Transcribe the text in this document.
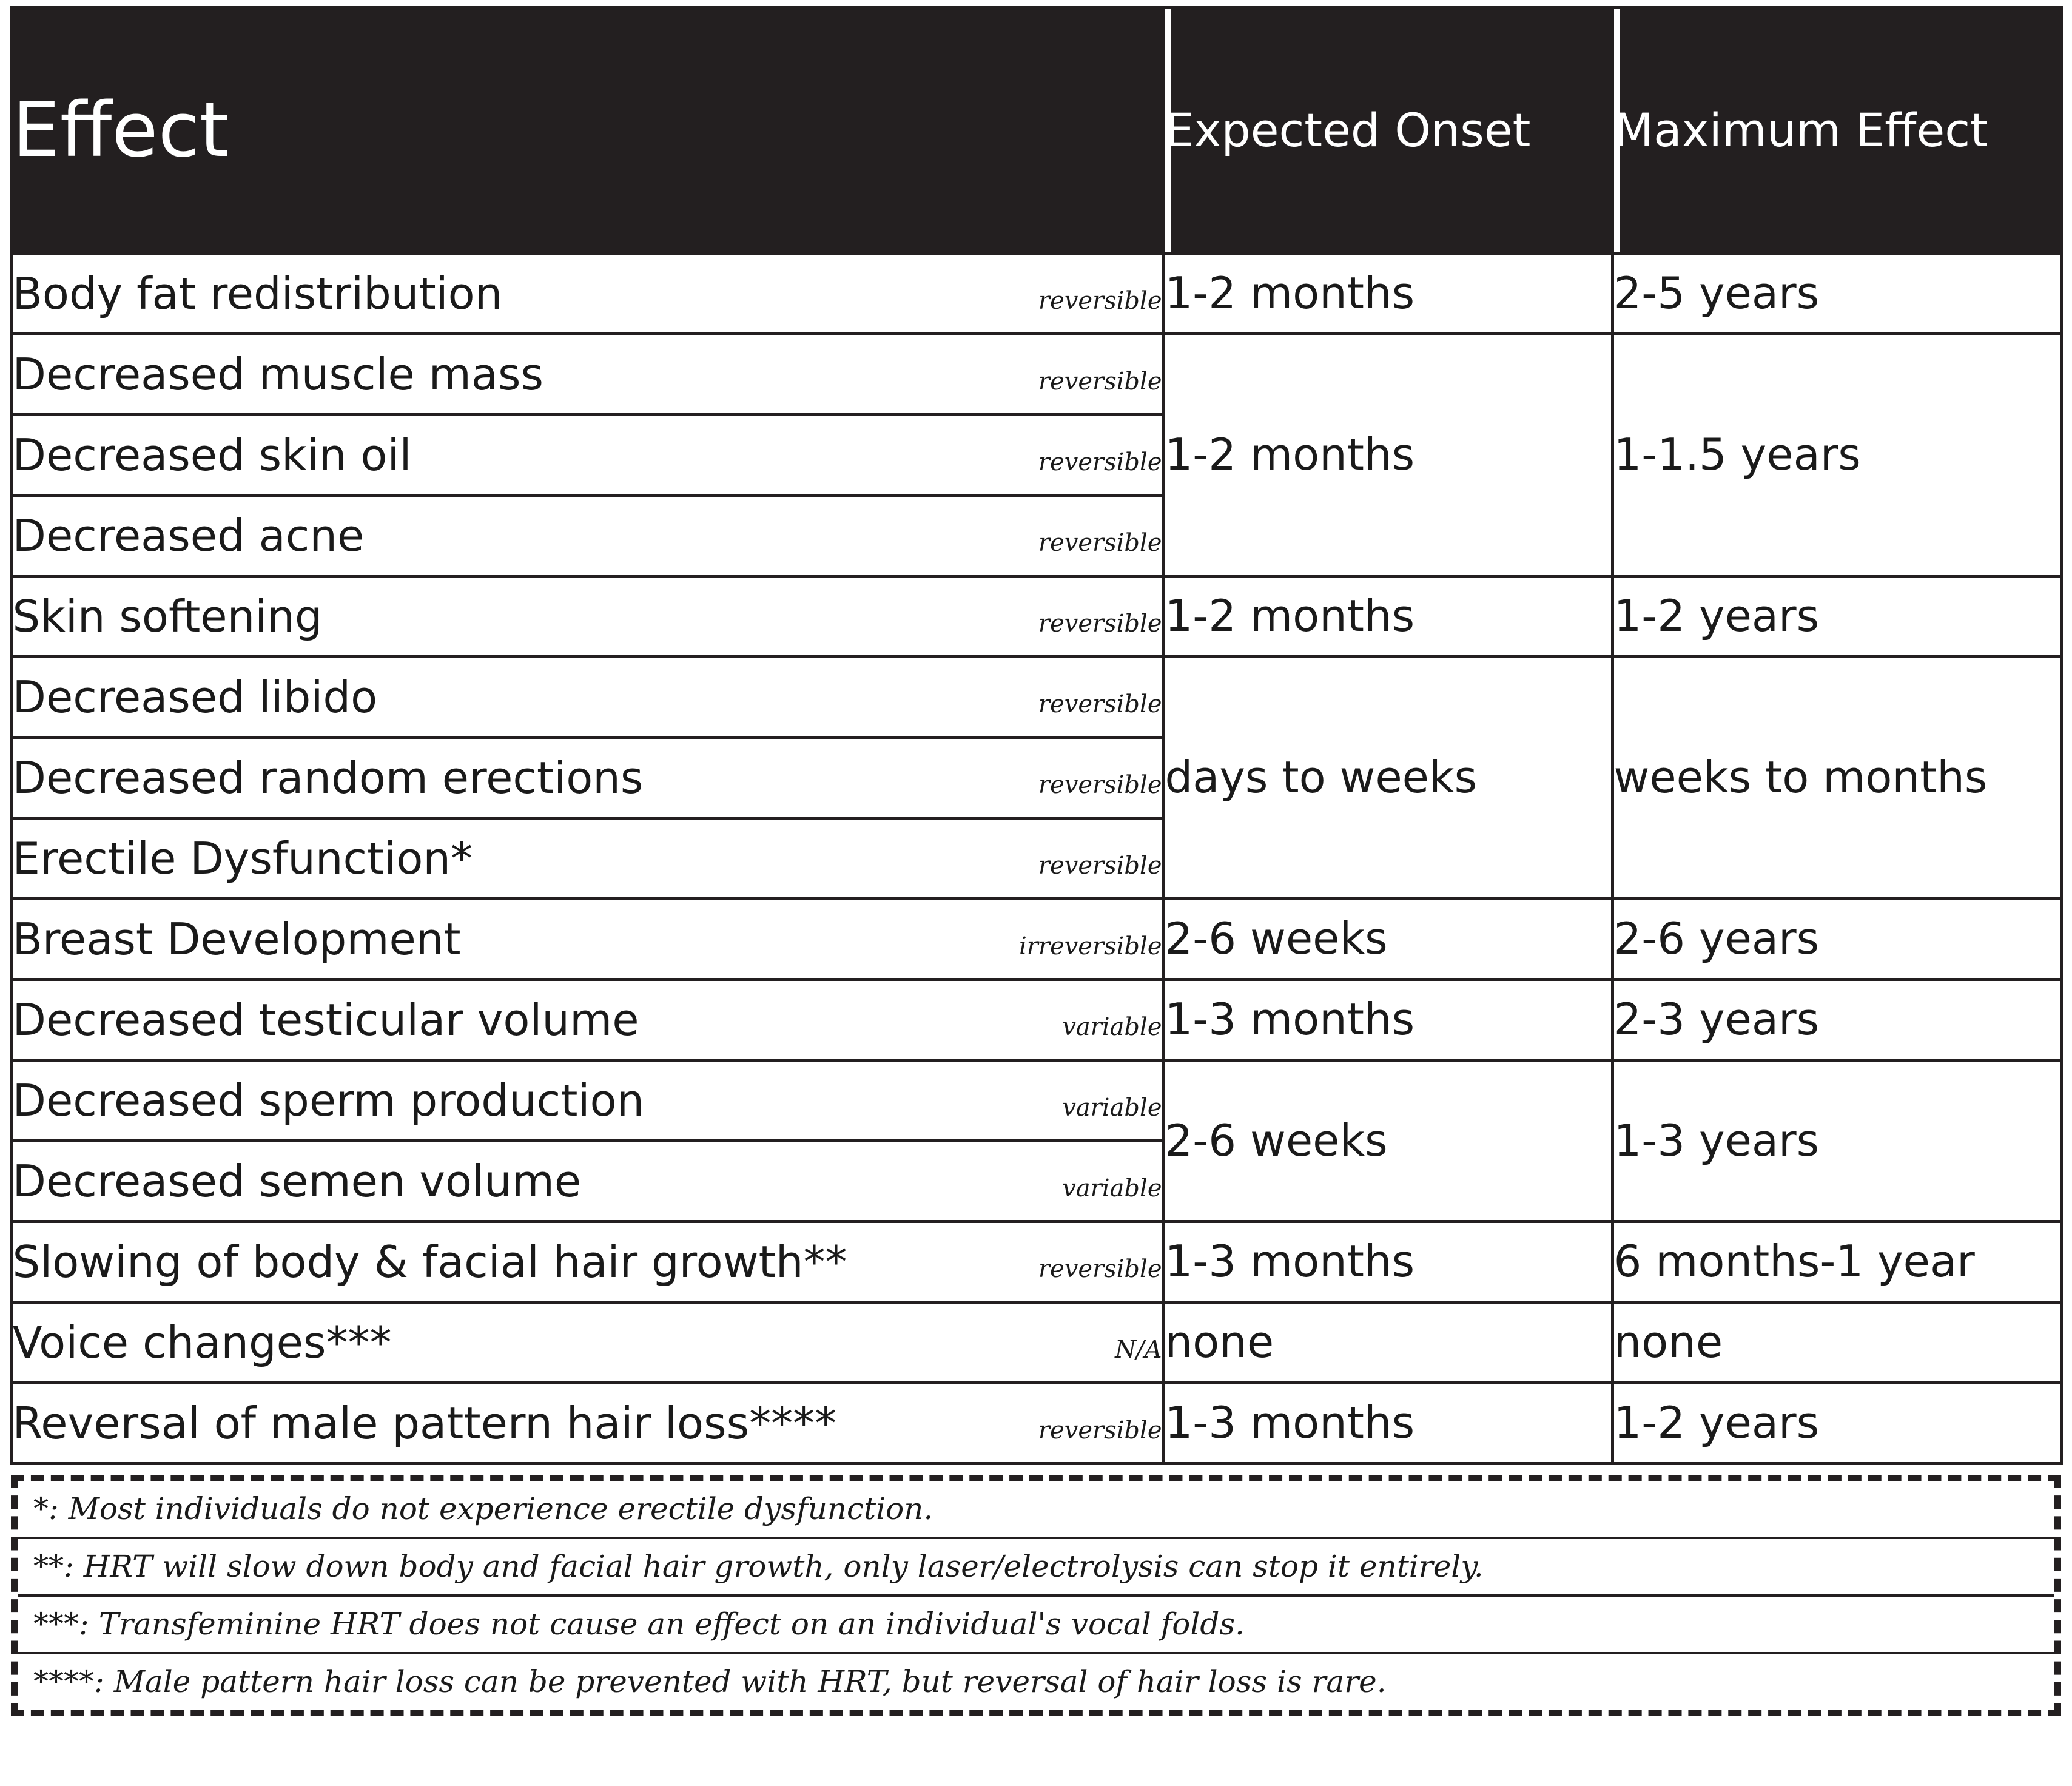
Effect	Expected Onset	Maximum Effect

Body fat redistribution reversible	1-2 months	2-5 years

Decreased muscle mass reversible	1-2 months	1-1.5 years

Decreased skin oil reversible		

Decreased acne reversible		

Skin softening reversible	1-2 months	1-2 years

Decreased libido reversible	days to weeks	weeks to months

Decreased random erections reversible		

Erectile Dysfunction* reversible		

Breast Development irreversible	2-6 weeks	2-6 years

Decreased testicular volume variable	1-3 months	2-3 years

Decreased sperm production variable	2-6 weeks	1-3 years

Decreased semen volume variable		

Slowing of body & facial hair growth** reversible	1-3 months	6 months-1 year

Voice changes*** N/A	none	none

Reversal of male pattern hair loss**** reversible	1-3 months	1-2 years
*: Most individuals do not experience erectile dysfunction.
**: HRT will slow down body and facial hair growth, only laser/electrolysis can stop it entirely.
***: Transfeminine HRT does not cause an effect on an individual's vocal folds.
****: Male pattern hair loss can be prevented with HRT, but reversal of hair loss is rare.
